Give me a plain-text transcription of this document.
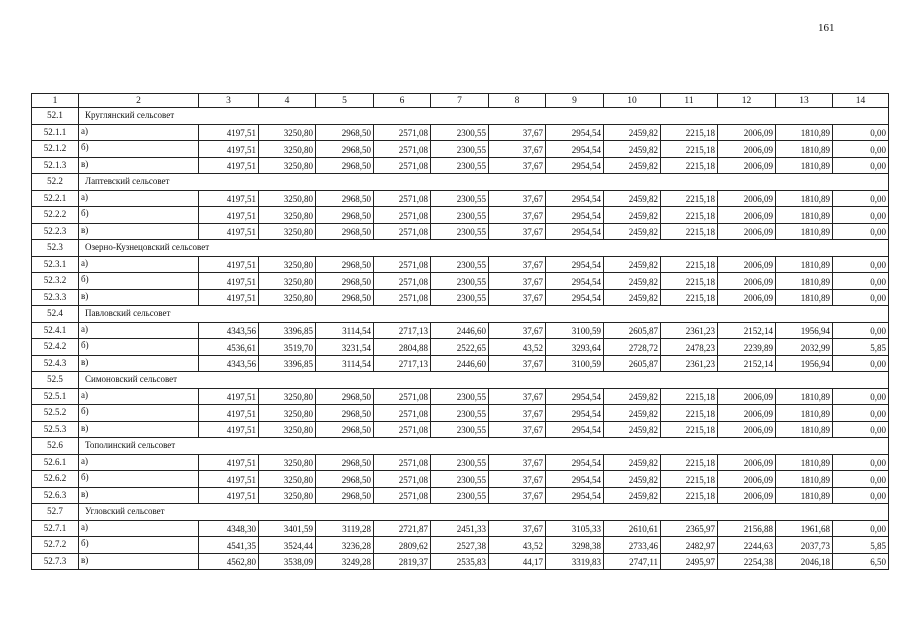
161
1	2	3	4	5	6	7	8	9	10	11	12	13	14
52.1	Круглянский сельсовет												
52.1.1	а)	4197,51	3250,80	2968,50	2571,08	2300,55	37,67	2954,54	2459,82	2215,18	2006,09	1810,89	0,00
52.1.2	б)	4197,51	3250,80	2968,50	2571,08	2300,55	37,67	2954,54	2459,82	2215,18	2006,09	1810,89	0,00
52.1.3	в)	4197,51	3250,80	2968,50	2571,08	2300,55	37,67	2954,54	2459,82	2215,18	2006,09	1810,89	0,00
52.2	Лаптевский сельсовет												
52.2.1	а)	4197,51	3250,80	2968,50	2571,08	2300,55	37,67	2954,54	2459,82	2215,18	2006,09	1810,89	0,00
52.2.2	б)	4197,51	3250,80	2968,50	2571,08	2300,55	37,67	2954,54	2459,82	2215,18	2006,09	1810,89	0,00
52.2.3	в)	4197,51	3250,80	2968,50	2571,08	2300,55	37,67	2954,54	2459,82	2215,18	2006,09	1810,89	0,00
52.3	Озерно-Кузнецовский сельсовет												
52.3.1	а)	4197,51	3250,80	2968,50	2571,08	2300,55	37,67	2954,54	2459,82	2215,18	2006,09	1810,89	0,00
52.3.2	б)	4197,51	3250,80	2968,50	2571,08	2300,55	37,67	2954,54	2459,82	2215,18	2006,09	1810,89	0,00
52.3.3	в)	4197,51	3250,80	2968,50	2571,08	2300,55	37,67	2954,54	2459,82	2215,18	2006,09	1810,89	0,00
52.4	Павловский сельсовет												
52.4.1	а)	4343,56	3396,85	3114,54	2717,13	2446,60	37,67	3100,59	2605,87	2361,23	2152,14	1956,94	0,00
52.4.2	б)	4536,61	3519,70	3231,54	2804,88	2522,65	43,52	3293,64	2728,72	2478,23	2239,89	2032,99	5,85
52.4.3	в)	4343,56	3396,85	3114,54	2717,13	2446,60	37,67	3100,59	2605,87	2361,23	2152,14	1956,94	0,00
52.5	Симоновский сельсовет												
52.5.1	а)	4197,51	3250,80	2968,50	2571,08	2300,55	37,67	2954,54	2459,82	2215,18	2006,09	1810,89	0,00
52.5.2	б)	4197,51	3250,80	2968,50	2571,08	2300,55	37,67	2954,54	2459,82	2215,18	2006,09	1810,89	0,00
52.5.3	в)	4197,51	3250,80	2968,50	2571,08	2300,55	37,67	2954,54	2459,82	2215,18	2006,09	1810,89	0,00
52.6	Тополинский сельсовет												
52.6.1	а)	4197,51	3250,80	2968,50	2571,08	2300,55	37,67	2954,54	2459,82	2215,18	2006,09	1810,89	0,00
52.6.2	б)	4197,51	3250,80	2968,50	2571,08	2300,55	37,67	2954,54	2459,82	2215,18	2006,09	1810,89	0,00
52.6.3	в)	4197,51	3250,80	2968,50	2571,08	2300,55	37,67	2954,54	2459,82	2215,18	2006,09	1810,89	0,00
52.7	Угловский сельсовет												
52.7.1	а)	4348,30	3401,59	3119,28	2721,87	2451,33	37,67	3105,33	2610,61	2365,97	2156,88	1961,68	0,00
52.7.2	б)	4541,35	3524,44	3236,28	2809,62	2527,38	43,52	3298,38	2733,46	2482,97	2244,63	2037,73	5,85
52.7.3	в)	4562,80	3538,09	3249,28	2819,37	2535,83	44,17	3319,83	2747,11	2495,97	2254,38	2046,18	6,50
